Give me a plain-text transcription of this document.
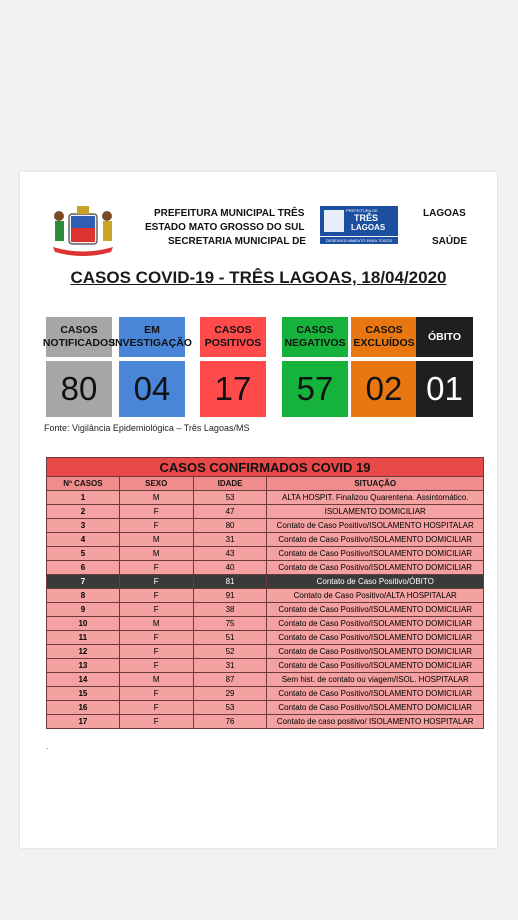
PREFEITURA MUNICIPAL TRÊS	LAGOAS
ESTADO MATO GROSSO DO SUL
SECRETARIA MUNICIPAL DE	SAÚDE
PREFEITURA DE
TRÊS
LAGOAS
DESENVOLVIMENTO PARA TODOS
CASOS COVID-19 - TRÊS LAGOAS, 18/04/2020
CASOS
NOTIFICADOS
80
EM
INVESTIGAÇÃO
04
CASOS
POSITIVOS
17
CASOS
NEGATIVOS
57
CASOS
EXCLUÍDOS
02
ÓBITO
01
Fonte: Vigilância Epidemiológica – Três Lagoas/MS
CASOS CONFIRMADOS COVID 19			
Nº CASOS	SEXO	IDADE	SITUAÇÃO
1	M	53	ALTA HOSPIT. Finalizou Quarentena. Assintomático.
2	F	47	ISOLAMENTO DOMICILIAR
3	F	80	Contato de Caso Positivo/ISOLAMENTO HOSPITALAR
4	M	31	Contato de Caso Positivo/ISOLAMENTO DOMICILIAR
5	M	43	Contato de Caso Positivo/ISOLAMENTO DOMICILIAR
6	F	40	Contato de Caso Positivo/ISOLAMENTO DOMICILIAR
7	F	81	Contato de Caso Positivo/ÓBITO
8	F	91	Contato de Caso Positivo/ALTA HOSPITALAR
9	F	38	Contato de Caso Positivo/ISOLAMENTO DOMICILIAR
10	M	75	Contato de Caso Positivo/ISOLAMENTO DOMICILIAR
11	F	51	Contato de Caso Positivo/ISOLAMENTO DOMICILIAR
12	F	52	Contato de Caso Positivo/ISOLAMENTO DOMICILIAR
13	F	31	Contato de Caso Positivo/ISOLAMENTO DOMICILIAR
14	M	87	Sem hist. de contato ou viagem/ISOL. HOSPITALAR
15	F	29	Contato de Caso Positivo/ISOLAMENTO DOMICILIAR
16	F	53	Contato de Caso Positivo/ISOLAMENTO DOMICILIAR
17	F	76	Contato de caso positivo/ ISOLAMENTO HOSPITALAR
.
